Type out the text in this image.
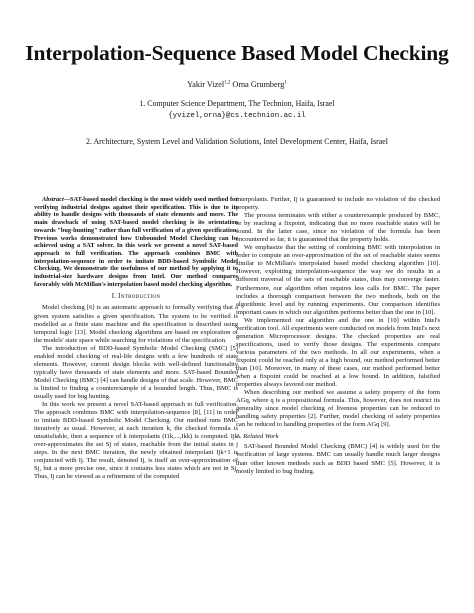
Interpolation-Sequence Based Model Checking
Yakir Vizel$^{1,2}$ Orna Grumberg$^1$
1. Computer Science Department, The Technion, Haifa, Israel
{yvizel,orna}@cs.technion.ac.il
2. Architecture, System Level and Validation Solutions, Intel Development Center, Haifa, Israel

Abstract—SAT-based model checking is the most widely used method for verifying industrial designs against their specification. This is due to its ability to handle designs with thousands of state elements and more. The main drawback of using SAT-based model checking is its orientation towards "bug-hunting" rather than full verification of a given specification. Previous works demonstrated how Unbounded Model Checking can be achieved using a SAT solver. In this work we present a novel SAT-based approach to full verification. The approach combines BMC with interpolation-sequence in order to imitate BDD-based Symbolic Model Checking. We demonstrate the usefulness of our method by applying it to industrial-size hardware designs from Intel. Our method compares favorably with McMillan's interpolation based model checking algorithm.

I. Introduction

Model checking [6] is an automatic approach to formally verifying that a given system satisfies a given specification. The system to be verified is modelled as a finite state machine and the specification is described using temporal logic [13]. Model checking algorithms are based on exploration of the models' state space while searching for violations of the specification.

The introduction of BDD-based Symbolic Model Checking (SMC) [5] enabled model checking of real-life designs with a few hundreds of state elements. However, current design blocks with well-defined functionality typically have thousands of state elements and more. SAT-based Bounded Model Checking (BMC) [4] can handle designs of that scale. However, BMC is limited to finding a counterexample of a bounded length. Thus, BMC is usually used for bug hunting.

In this work we present a novel SAT-based approach to full verification. The approach combines BMC with interpolation-sequence [8], [11] in order to imitate BDD-based Symbolic Model Checking. Our method runs BMC iteratively as usual. However, at each iteration k, the checked formula is unsatisfiable, then a sequence of k interpolants (I1k,...,Ikk) is computed. Ijk over-approximates the set Sj of states, reachable from the initial states in j steps. In the next BMC iteration, the newly obtained interpolant Ijk+1 is conjuncted with Ij. The result, denoted Ij, is itself an over-approximation of Sj, but a more precise one, since it contains less states which are not in Sj. Thus, Ij can be viewed as a refinement of the computed

interpolants. Further, Ij is guaranteed to include no violation of the checked property.

The process terminates with either a counterexample produced by BMC, or by reaching a fixpoint, indicating that no more reachable states will be found. In the latter case, since no violation of the formula has been encountered so far, it is guaranteed that the property holds.

We emphasize that the setting of combining BMC with interpolation in order to compute an over-approximation of the set of reachable states seems similar to McMillan's interpolated based model checking algorithm [10]. However, exploiting interpolation-sequence the way we do results in a different traversal of the sets of reachable states, thus may converge faster. Furthermore, our algorithm often requires less calls for BMC. The paper includes a thorough comparison between the two methods, both on the algorithmic level and by running experiments. Our comparison identifies important cases in which our algorithm performs better than the one in [10].

We implemented our algorithm and the one in [10] within Intel's verification tool. All experiments were conducted on models from Intel's next generation Microprocessor designs. The checked properties are real specifications, used to verify those designs. The experiments compare various parameters of the two methods. In all our experiments, when a fixpoint could be reached only at a high bound, our method performed better than [10]. Moreover, in many of these cases, our method performed better when a fixpoint could be reached at a low bound. In addition, falsified properties always favored our method.

When describing our method we assume a safety property of the form AGq, where q is a propositional formula. This, however, does not restrict its generality since model checking of liveness properties can be reduced to handling safety properties [2]. Further, model checking of safety properties can be reduced to handling properties of the form AGq [9].

A. Related Work

SAT-based Bounded Model Checking (BMC) [4] is widely used for the verification of large systems. BMC can usually handle much larger designs than other known methods such as BDD based SMC [5]. However, it is mostly limited to bug finding.
